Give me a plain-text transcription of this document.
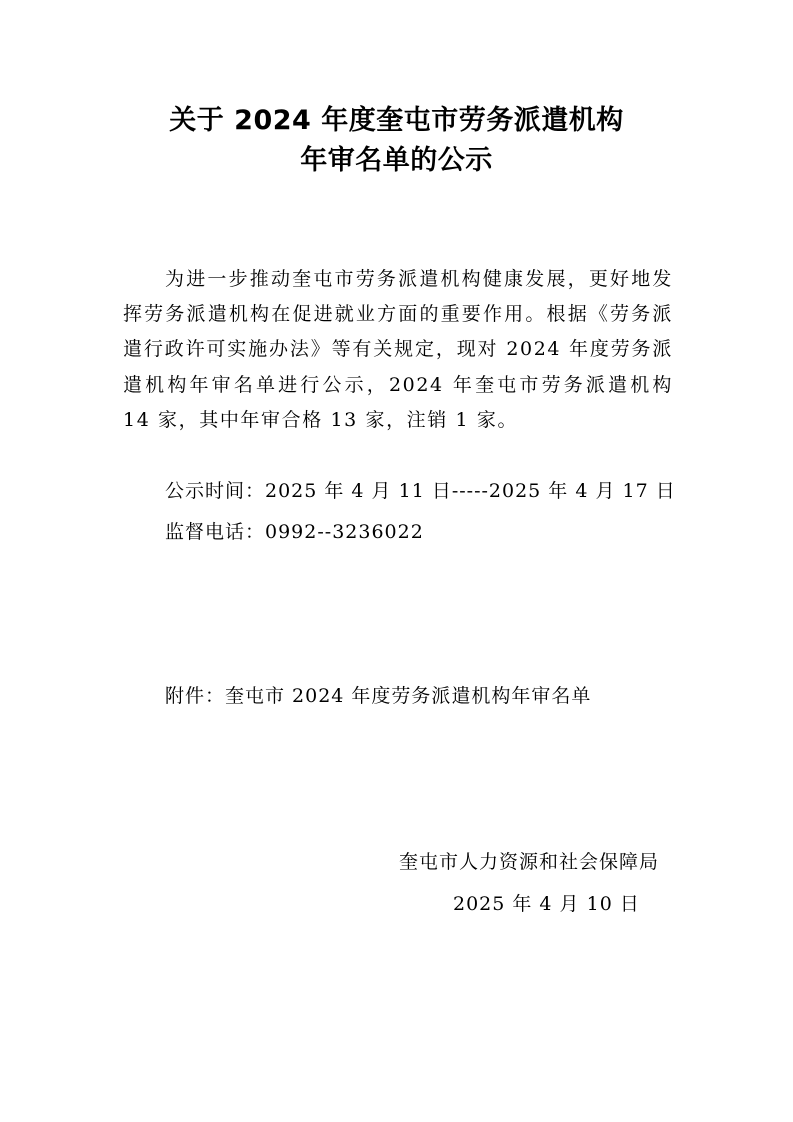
关于 2024 年度奎屯市劳务派遣机构
年审名单的公示
为进一步推动奎屯市劳务派遣机构健康发展，更好地发挥劳务派遣机构在促进就业方面的重要作用。根据《劳务派遣行政许可实施办法》等有关规定，现对 2024 年度劳务派遣机构年审名单进行公示，2024 年奎屯市劳务派遣机构 14 家，其中年审合格 13 家，注销 1 家。
公示时间：2025 年 4 月 11 日-----2025 年 4 月 17 日
监督电话：0992--3236022
附件：奎屯市 2024 年度劳务派遣机构年审名单
奎屯市人力资源和社会保障局
2025 年 4 月 10 日
